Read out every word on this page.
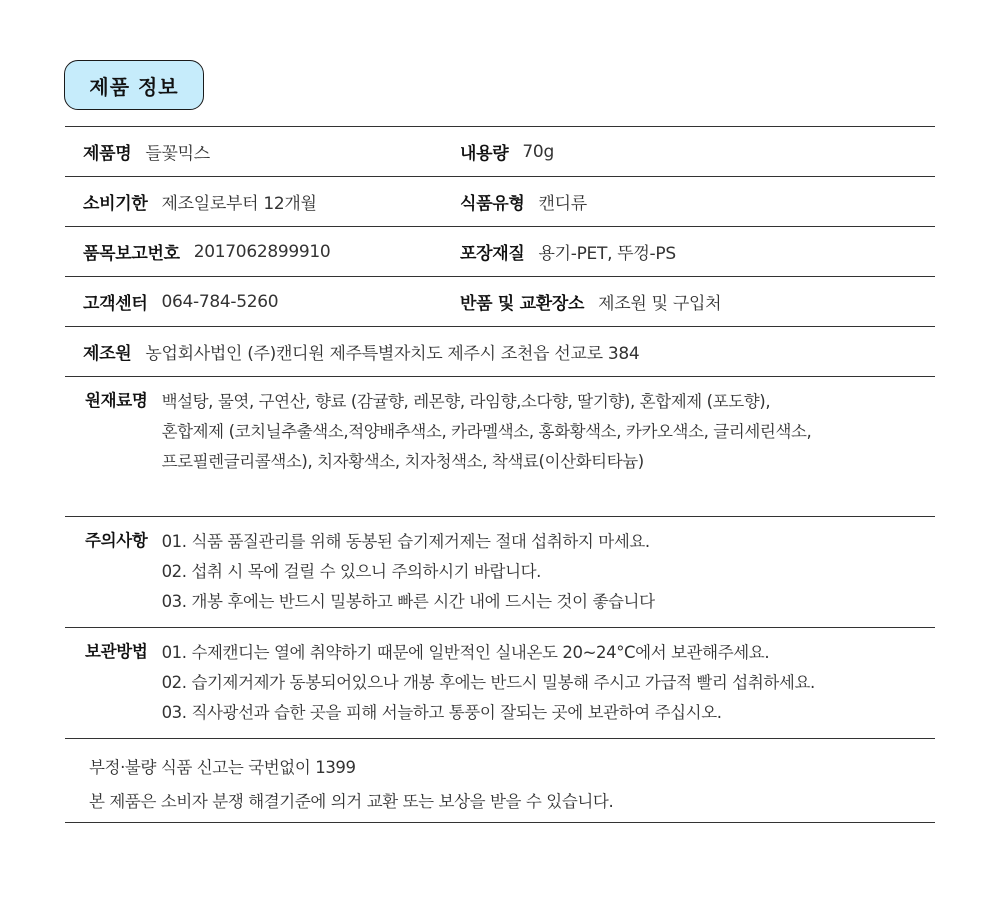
제품 정보
제품명 들꽃믹스	내용량 70g
소비기한 제조일로부터 12개월	식품유형 캔디류
품목보고번호 2017062899910	포장재질 용기-PET, 뚜껑-PS
고객센터 064-784-5260	반품 및 교환장소 제조원 및 구입처
제조원 농업회사법인 (주)캔디원 제주특별자치도 제주시 조천읍 선교로 384
원재료명 백설탕, 물엿, 구연산, 향료 (감귤향, 레몬향, 라임향,소다향, 딸기향), 혼합제제 (포도향),
혼합제제 (코치닐추출색소,적양배추색소, 카라멜색소, 홍화황색소, 카카오색소, 글리세린색소,
프로필렌글리콜색소), 치자황색소, 치자청색소, 착색료(이산화티타늄)
주의사항 01. 식품 품질관리를 위해 동봉된 습기제거제는 절대 섭취하지 마세요.
02. 섭취 시 목에 걸릴 수 있으니 주의하시기 바랍니다.
03. 개봉 후에는 반드시 밀봉하고 빠른 시간 내에 드시는 것이 좋습니다
보관방법 01. 수제캔디는 열에 취약하기 때문에 일반적인 실내온도 20~24°C에서 보관해주세요.
02. 습기제거제가 동봉되어있으나 개봉 후에는 반드시 밀봉해 주시고 가급적 빨리 섭취하세요.
03. 직사광선과 습한 곳을 피해 서늘하고 통풍이 잘되는 곳에 보관하여 주십시오.
부정·불량 식품 신고는 국번없이 1399
본 제품은 소비자 분쟁 해결기준에 의거 교환 또는 보상을 받을 수 있습니다.
